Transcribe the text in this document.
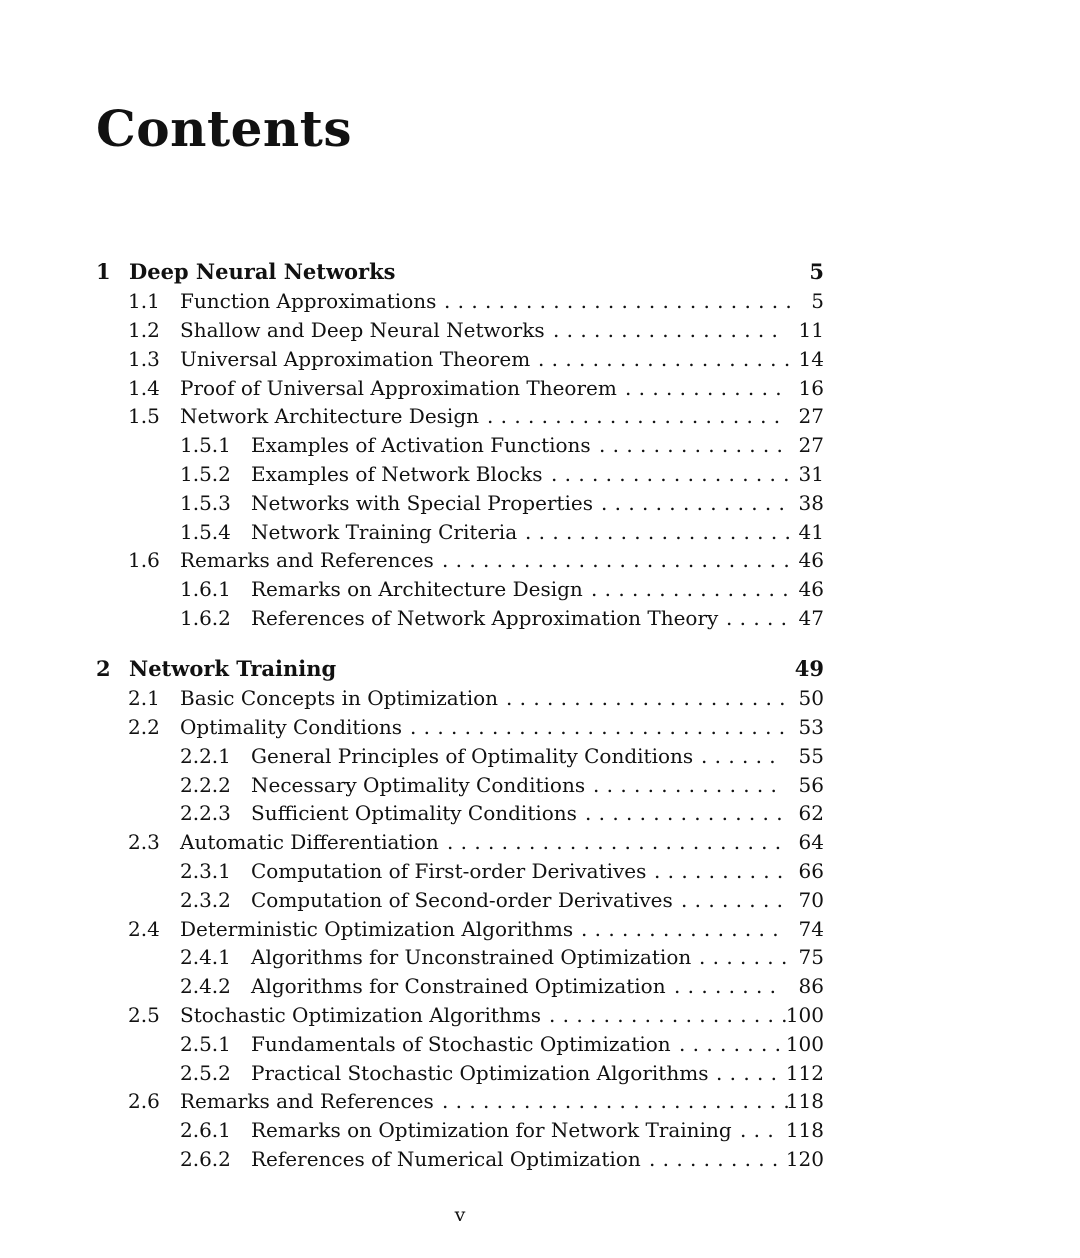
Contents
1 Deep Neural Networks	5
1.1 Function Approximations	5
..........................
1.2 Shallow and Deep Neural Networks	11
.................
1.3 Universal Approximation Theorem	14
...................
1.4 Proof of Universal Approximation Theorem	16
............
1.5 Network Architecture Design	27
......................
1.5.1 Examples of Activation Functions	27
..............
1.5.2 Examples of Network Blocks	31
..................
1.5.3 Networks with Special Properties	38
..............
1.5.4 Network Training Criteria	41
....................
1.6 Remarks and References	46
..........................
1.6.1 Remarks on Architecture Design	46
...............
1.6.2 References of Network Approximation Theory	47
.....
2 Network Training	49
2.1 Basic Concepts in Optimization	50
.....................
2.2 Optimality Conditions	53
............................
2.2.1 General Principles of Optimality Conditions	55
......
2.2.2 Necessary Optimality Conditions	56
..............
2.2.3 Sufficient Optimality Conditions	62
...............
2.3 Automatic Differentiation	64
.........................
2.3.1 Computation of First-order Derivatives	66
..........
2.3.2 Computation of Second-order Derivatives	70
........
2.4 Deterministic Optimization Algorithms	74
...............
2.4.1 Algorithms for Unconstrained Optimization	75
.......
2.4.2 Algorithms for Constrained Optimization	86
........
2.5 Stochastic Optimization Algorithms	100
..................
2.5.1 Fundamentals of Stochastic Optimization	100
........
2.5.2 Practical Stochastic Optimization Algorithms	112
.....
2.6 Remarks and References	118
..........................
2.6.1 Remarks on Optimization for Network Training	118
...
2.6.2 References of Numerical Optimization	120
..........
v
